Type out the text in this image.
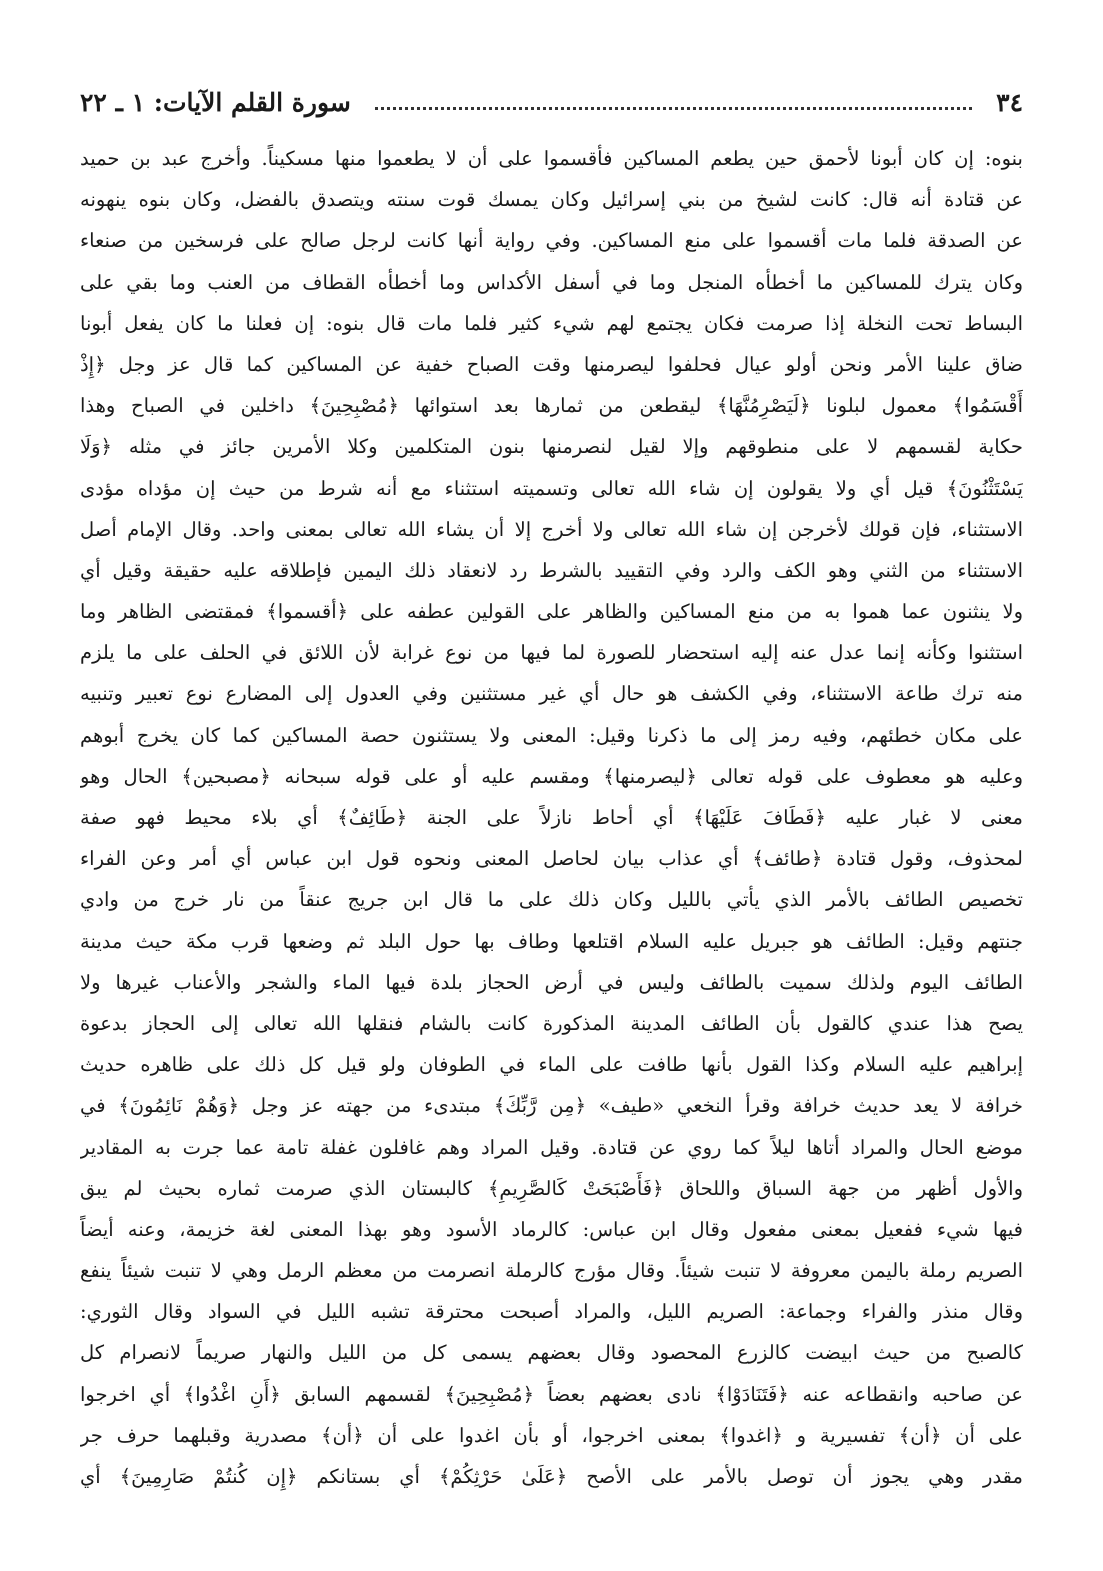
٣٤
سورة القلم الآيات: ١ ـ ٢٢
بنوه: إن كان أبونا لأحمق حين يطعم المساكين فأقسموا على أن لا يطعموا منها مسكيناً. وأخرج عبد بن حميد
عن قتادة أنه قال: كانت لشيخ من بني إسرائيل وكان يمسك قوت سنته ويتصدق بالفضل، وكان بنوه ينهونه
عن الصدقة فلما مات أقسموا على منع المساكين. وفي رواية أنها كانت لرجل صالح على فرسخين من صنعاء
وكان يترك للمساكين ما أخطأه المنجل وما في أسفل الأكداس وما أخطأه القطاف من العنب وما بقي على
البساط تحت النخلة إذا صرمت فكان يجتمع لهم شيء كثير فلما مات قال بنوه: إن فعلنا ما كان يفعل أبونا
ضاق علينا الأمر ونحن أولو عيال فحلفوا ليصرمنها وقت الصباح خفية عن المساكين كما قال عز وجل ﴿إِذْ
أَقْسَمُوا﴾ معمول لبلونا ﴿لَيَصْرِمُنَّهَا﴾ ليقطعن من ثمارها بعد استوائها ﴿مُصْبِحِينَ﴾ داخلين في الصباح وهذا
حكاية لقسمهم لا على منطوقهم وإلا لقيل لنصرمنها بنون المتكلمين وكلا الأمرين جائز في مثله ﴿وَلَا
يَسْتَثْنُونَ﴾ قيل أي ولا يقولون إن شاء الله تعالى وتسميته استثناء مع أنه شرط من حيث إن مؤداه مؤدى
الاستثناء، فإن قولك لأخرجن إن شاء الله تعالى ولا أخرج إلا أن يشاء الله تعالى بمعنى واحد. وقال الإمام أصل
الاستثناء من الثني وهو الكف والرد وفي التقييد بالشرط رد لانعقاد ذلك اليمين فإطلاقه عليه حقيقة وقيل أي
ولا ينثنون عما هموا به من منع المساكين والظاهر على القولين عطفه على ﴿أقسموا﴾ فمقتضى الظاهر وما
استثنوا وكأنه إنما عدل عنه إليه استحضار للصورة لما فيها من نوع غرابة لأن اللائق في الحلف على ما يلزم
منه ترك طاعة الاستثناء، وفي الكشف هو حال أي غير مستثنين وفي العدول إلى المضارع نوع تعبير وتنبيه
على مكان خطئهم، وفيه رمز إلى ما ذكرنا وقيل: المعنى ولا يستثنون حصة المساكين كما كان يخرج أبوهم
وعليه هو معطوف على قوله تعالى ﴿ليصرمنها﴾ ومقسم عليه أو على قوله سبحانه ﴿مصبحين﴾ الحال وهو
معنى لا غبار عليه ﴿فَطَافَ عَلَيْهَا﴾ أي أحاط نازلاً على الجنة ﴿طَائِفٌ﴾ أي بلاء محيط فهو صفة
لمحذوف، وقول قتادة ﴿طائف﴾ أي عذاب بيان لحاصل المعنى ونحوه قول ابن عباس أي أمر وعن الفراء
تخصيص الطائف بالأمر الذي يأتي بالليل وكان ذلك على ما قال ابن جريج عنقاً من نار خرج من وادي
جنتهم وقيل: الطائف هو جبريل عليه السلام اقتلعها وطاف بها حول البلد ثم وضعها قرب مكة حيث مدينة
الطائف اليوم ولذلك سميت بالطائف وليس في أرض الحجاز بلدة فيها الماء والشجر والأعناب غيرها ولا
يصح هذا عندي كالقول بأن الطائف المدينة المذكورة كانت بالشام فنقلها الله تعالى إلى الحجاز بدعوة
إبراهيم عليه السلام وكذا القول بأنها طافت على الماء في الطوفان ولو قيل كل ذلك على ظاهره حديث
خرافة لا يعد حديث خرافة وقرأ النخعي «طيف» ﴿مِن رَّبِّكَ﴾ مبتدىء من جهته عز وجل ﴿وَهُمْ نَائِمُونَ﴾ في
موضع الحال والمراد أتاها ليلاً كما روي عن قتادة. وقيل المراد وهم غافلون غفلة تامة عما جرت به المقادير
والأول أظهر من جهة السباق واللحاق ﴿فَأَصْبَحَتْ كَالصَّرِيمِ﴾ كالبستان الذي صرمت ثماره بحيث لم يبق
فيها شيء ففعيل بمعنى مفعول وقال ابن عباس: كالرماد الأسود وهو بهذا المعنى لغة خزيمة، وعنه أيضاً
الصريم رملة باليمن معروفة لا تنبت شيئاً. وقال مؤرج كالرملة انصرمت من معظم الرمل وهي لا تنبت شيئاً ينفع
وقال منذر والفراء وجماعة: الصريم الليل، والمراد أصبحت محترقة تشبه الليل في السواد وقال الثوري:
كالصبح من حيث ابيضت كالزرع المحصود وقال بعضهم يسمى كل من الليل والنهار صريماً لانصرام كل
عن صاحبه وانقطاعه عنه ﴿فَتَنَادَوْا﴾ نادى بعضهم بعضاً ﴿مُصْبِحِينَ﴾ لقسمهم السابق ﴿أَنِ اغْدُوا﴾ أي اخرجوا
على أن ﴿أن﴾ تفسيرية و ﴿اغدوا﴾ بمعنى اخرجوا، أو بأن اغدوا على أن ﴿أن﴾ مصدرية وقبلهما حرف جر
مقدر وهي يجوز أن توصل بالأمر على الأصح ﴿عَلَىٰ حَرْثِكُمْ﴾ أي بستانكم ﴿إِن كُنتُمْ صَارِمِينَ﴾ أي
